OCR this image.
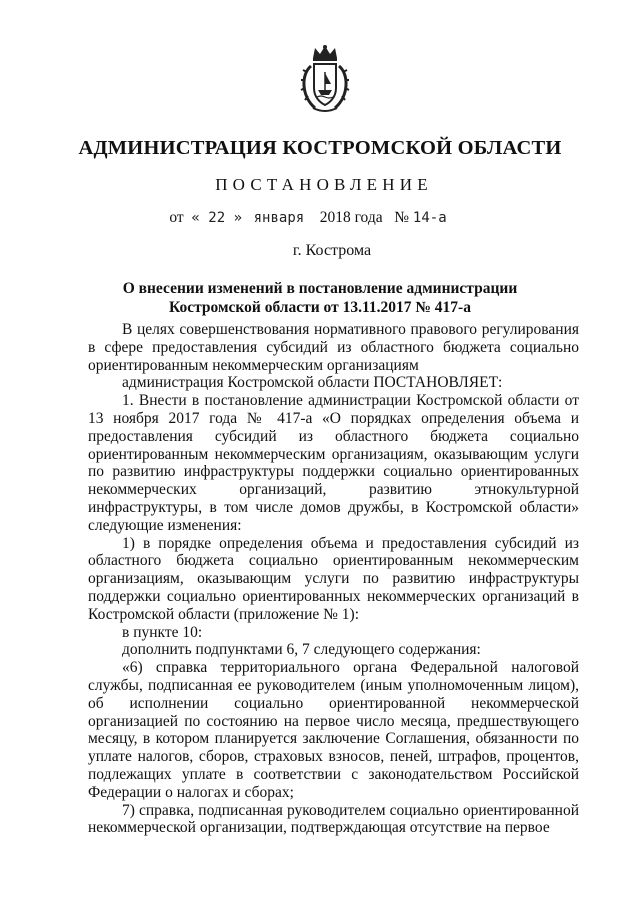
АДМИНИСТРАЦИЯ КОСТРОМСКОЙ ОБЛАСТИ
ПОСТАНОВЛЕНИЕ
от « 22 » января 2018 года № 14-а
г. Кострома
О внесении изменений в постановление администрации
Костромской области от 13.11.2017 № 417-а

В целях совершенствования нормативного правового регулирования в сфере предоставления субсидий из областного бюджета социально ориентированным некоммерческим организациям

администрация Костромской области ПОСТАНОВЛЯЕТ:

1. Внести в постановление администрации Костромской области от 13 ноября 2017 года № 417-а «О порядках определения объема и предоставления субсидий из областного бюджета социально ориентированным некоммерческим организациям, оказывающим услуги по развитию инфраструктуры поддержки социально ориентированных некоммерческих организаций, развитию этнокультурной инфраструктуры, в том числе домов дружбы, в Костромской области» следующие изменения:

1) в порядке определения объема и предоставления субсидий из областного бюджета социально ориентированным некоммерческим организациям, оказывающим услуги по развитию инфраструктуры поддержки социально ориентированных некоммерческих организаций в Костромской области (приложение № 1):

в пункте 10:

дополнить подпунктами 6, 7 следующего содержания:

«6) справка территориального органа Федеральной налоговой службы, подписанная ее руководителем (иным уполномоченным лицом), об исполнении социально ориентированной некоммерческой организацией по состоянию на первое число месяца, предшествующего месяцу, в котором планируется заключение Соглашения, обязанности по уплате налогов, сборов, страховых взносов, пеней, штрафов, процентов, подлежащих уплате в соответствии с законодательством Российской Федерации о налогах и сборах;

7) справка, подписанная руководителем социально ориентированной некоммерческой организации, подтверждающая отсутствие на первое
